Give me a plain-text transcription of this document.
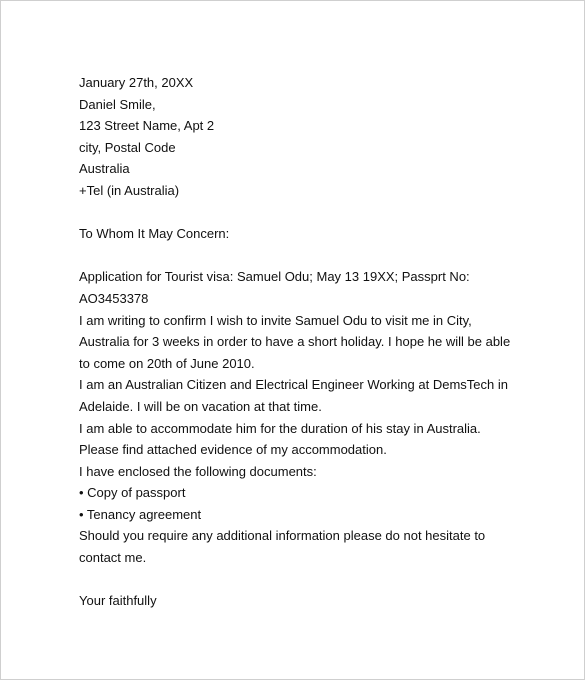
January 27th, 20XX
Daniel Smile,
123 Street Name, Apt 2
city, Postal Code
Australia
+Tel (in Australia)
To Whom It May Concern:
Application for Tourist visa: Samuel Odu; May 13 19XX; Passprt No:
AO3453378
I am writing to confirm I wish to invite Samuel Odu to visit me in City, Australia for 3 weeks in order to have a short holiday. I hope he will be able to come on 20th of June 2010.
I am an Australian Citizen and Electrical Engineer Working at DemsTech in Adelaide. I will be on vacation at that time.
I am able to accommodate him for the duration of his stay in Australia. Please find attached evidence of my accommodation.
I have enclosed the following documents:
• Copy of passport
• Tenancy agreement
Should you require any additional information please do not hesitate to contact me.
Your faithfully
